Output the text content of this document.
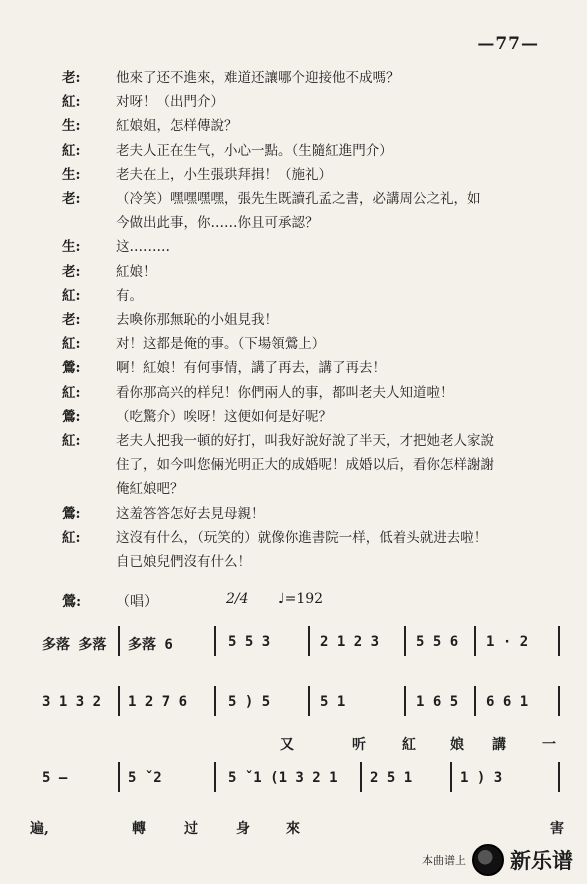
—77—
老:	他來了还不進來，难道还讓哪个迎接他不成嗎？
紅:	对呀！（出門介）
生:	紅娘姐，怎样傳說？
紅:	老夫人正在生气，小心一點。（生隨紅進門介）
生:	老夫在上，小生張珙拜揖！（施礼）
老:	（冷笑）嘿嘿嘿嘿，張先生既讀孔孟之書，必講周公之礼，如
今做出此事，你……你且可承認？
生:	这………
老:	紅娘！
紅:	有。
老:	去喚你那無恥的小姐見我！
紅:	对！这都是俺的事。（下場領鶯上）
鶯:	啊！紅娘！有何事情，講了再去，講了再去！
紅:	看你那高兴的样兒！你們兩人的事，都叫老夫人知道啦！
鶯:	（吃驚介）唉呀！这便如何是好呢？
紅:	老夫人把我一頓的好打，叫我好說好說了半天，才把她老人家說
住了，如今叫您倆光明正大的成婚呢！成婚以后，看你怎样謝謝
俺紅娘吧？
鶯:	这羞答答怎好去見母親！
紅:	这沒有什么，（玩笑的）就像你進書院一样，低着头就进去啦！
自已娘兒們沒有什么！
鶯:	（唱）	2/4	♩=192
多落 多落 多落 6	5 5 3	2 1 2 3	5 5 6 1 · 2
3 1 3 2 1 2 7 6	5 ) 5	5 1	1 6 5 6 6 1
又	听	紅 娘 講	一
5 —	5 ˇ2	5 ˇ1 (1 3 2 1 2 5 1	1 ) 3
遍,	轉	过	身	來	害
本曲谱上 新乐谱
